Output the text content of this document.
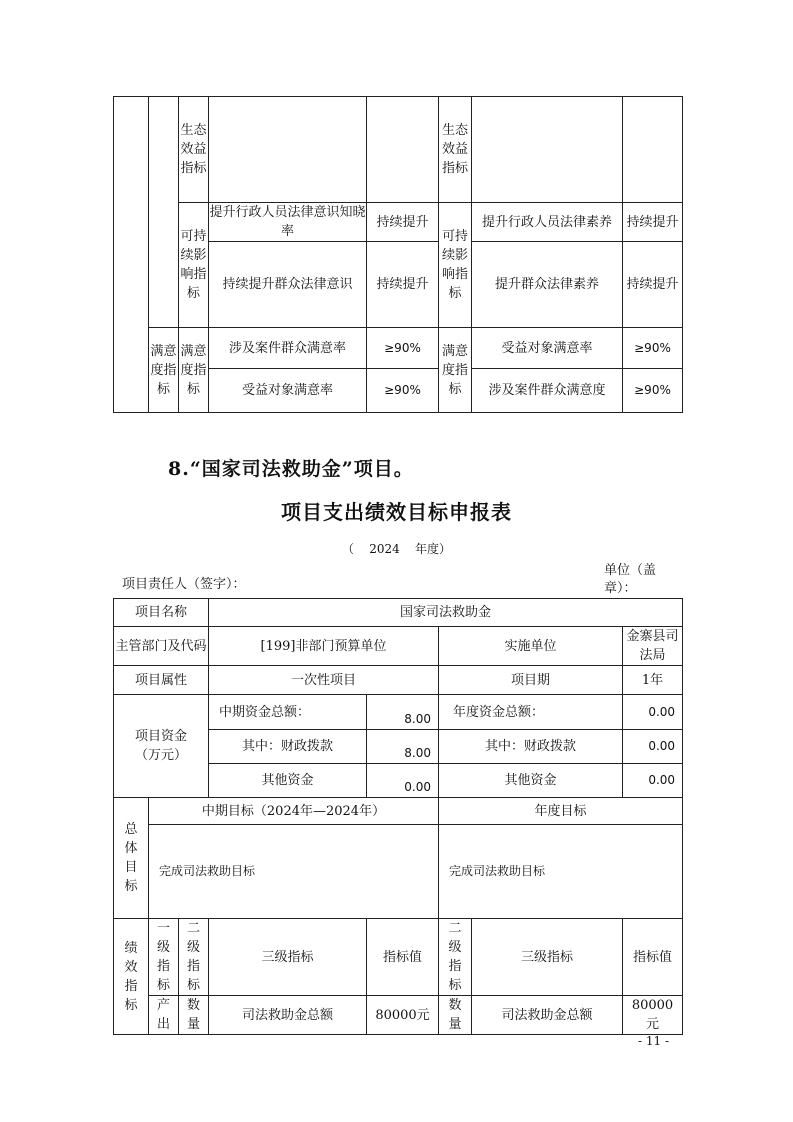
		生态效益指标			生态效益指标		
		可持续影响指标	提升行政人员法律意识知晓率	持续提升	可持续影响指标	提升行政人员法律素养	持续提升
			持续提升群众法律意识	持续提升		提升群众法律素养	持续提升
	满意度指标	满意度指标	涉及案件群众满意率	≥90%	满意度指标	受益对象满意率	≥90%
			受益对象满意率	≥90%		涉及案件群众满意度	≥90%
8.“国家司法救助金”项目。
项目支出绩效目标申报表
（    2024    年度）
项目责任人（签字）：
单位（盖章）：
项目名称			国家司法救助金				
主管部门及代码			[199]非部门预算单位		实施单位		金寨县司法局
项目属性			一次性项目		项目期		1年
项目资金（万元）			中期资金总额：	8.00	年度资金总额：		0.00
			其中：财政拨款	8.00	其中：财政拨款		0.00
			其他资金	0.00	其他资金		0.00
总体目标	中期目标（2024年—2024年）				年度目标		
	完成司法救助目标				完成司法救助目标		
绩效指标	一级指标	二级指标	三级指标	指标值	二级指标	三级指标	指标值
	产出	数量	司法救助金总额	80000元	数量	司法救助金总额	80000元
- 11 -
